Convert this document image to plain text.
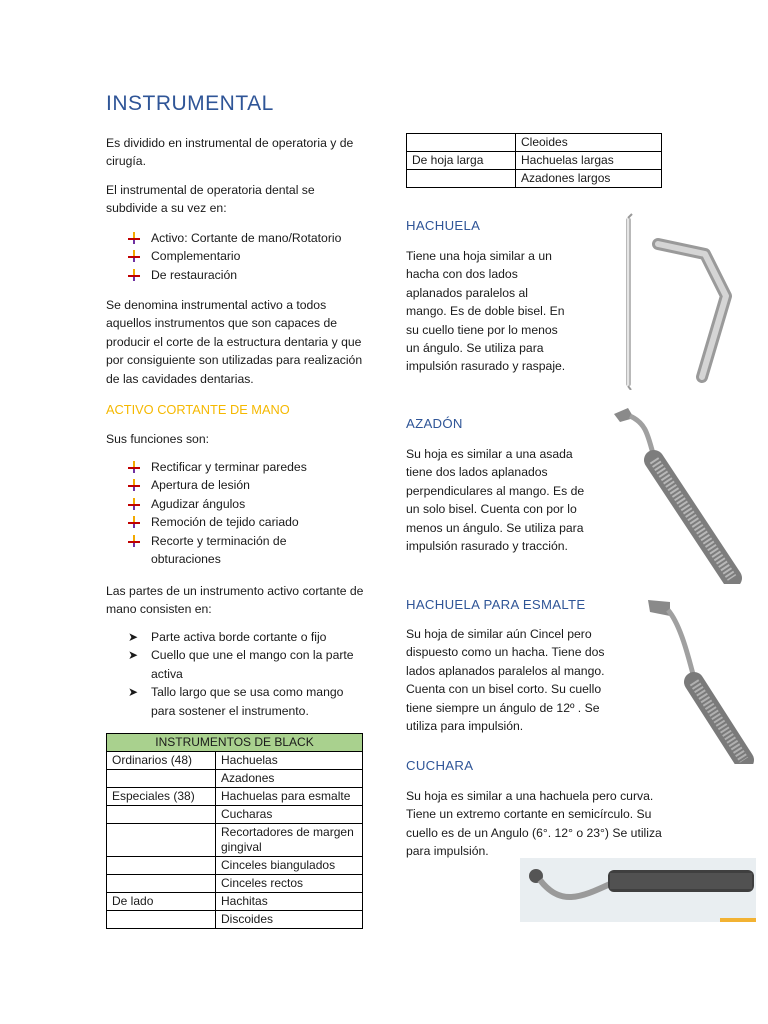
INSTRUMENTAL

Es dividido en instrumental de operatoria y de cirugía.

El instrumental de operatoria dental se subdivide a su vez en:

Activo: Cortante de mano/Rotatorio
Complementario
De restauración

Se denomina instrumental activo a todos aquellos instrumentos que son capaces de producir el corte de la estructura dentaria y que por consiguiente son utilizadas para realización de las cavidades dentarias.

ACTIVO CORTANTE DE MANO

Sus funciones son:

Rectificar y terminar paredes
Apertura de lesión
Agudizar ángulos
Remoción de tejido cariado
Recorte y terminación de obturaciones

Las partes de un instrumento activo cortante de mano consisten en:

➤ Parte activa borde cortante o fijo
➤ Cuello que une el mango con la parte activa
➤ Tallo largo que se usa como mango para sostener el instrumento.
INSTRUMENTOS DE BLACK	
Ordinarios (48)	Hachuelas
	Azadones
Especiales (38)	Hachuelas para esmalte
	Cucharas
	Recortadores de margen gingival
	Cinceles biangulados
	Cinceles rectos
De lado	Hachitas
	Discoides
	Cleoides
De hoja larga	Hachuelas largas
	Azadones largos
HACHUELA

Tiene una hoja similar a un hacha con dos lados aplanados paralelos al mango. Es de doble bisel. En su cuello tiene por lo menos un ángulo. Se utiliza para impulsión rasurado y raspaje.

AZADÓN

Su hoja es similar a una asada tiene dos lados aplanados perpendiculares al mango. Es de un solo bisel. Cuenta con por lo menos un ángulo. Se utiliza para impulsión rasurado y tracción.

HACHUELA PARA ESMALTE

Su hoja de similar aún Cincel pero dispuesto como un hacha. Tiene dos lados aplanados paralelos al mango. Cuenta con un bisel corto. Su cuello tiene siempre un ángulo de 12º . Se utiliza para impulsión.

CUCHARA

Su hoja es similar a una hachuela pero curva. Tiene un extremo cortante en semicírculo. Su cuello es de un Angulo (6°. 12° o 23°) Se utiliza para impulsión.
